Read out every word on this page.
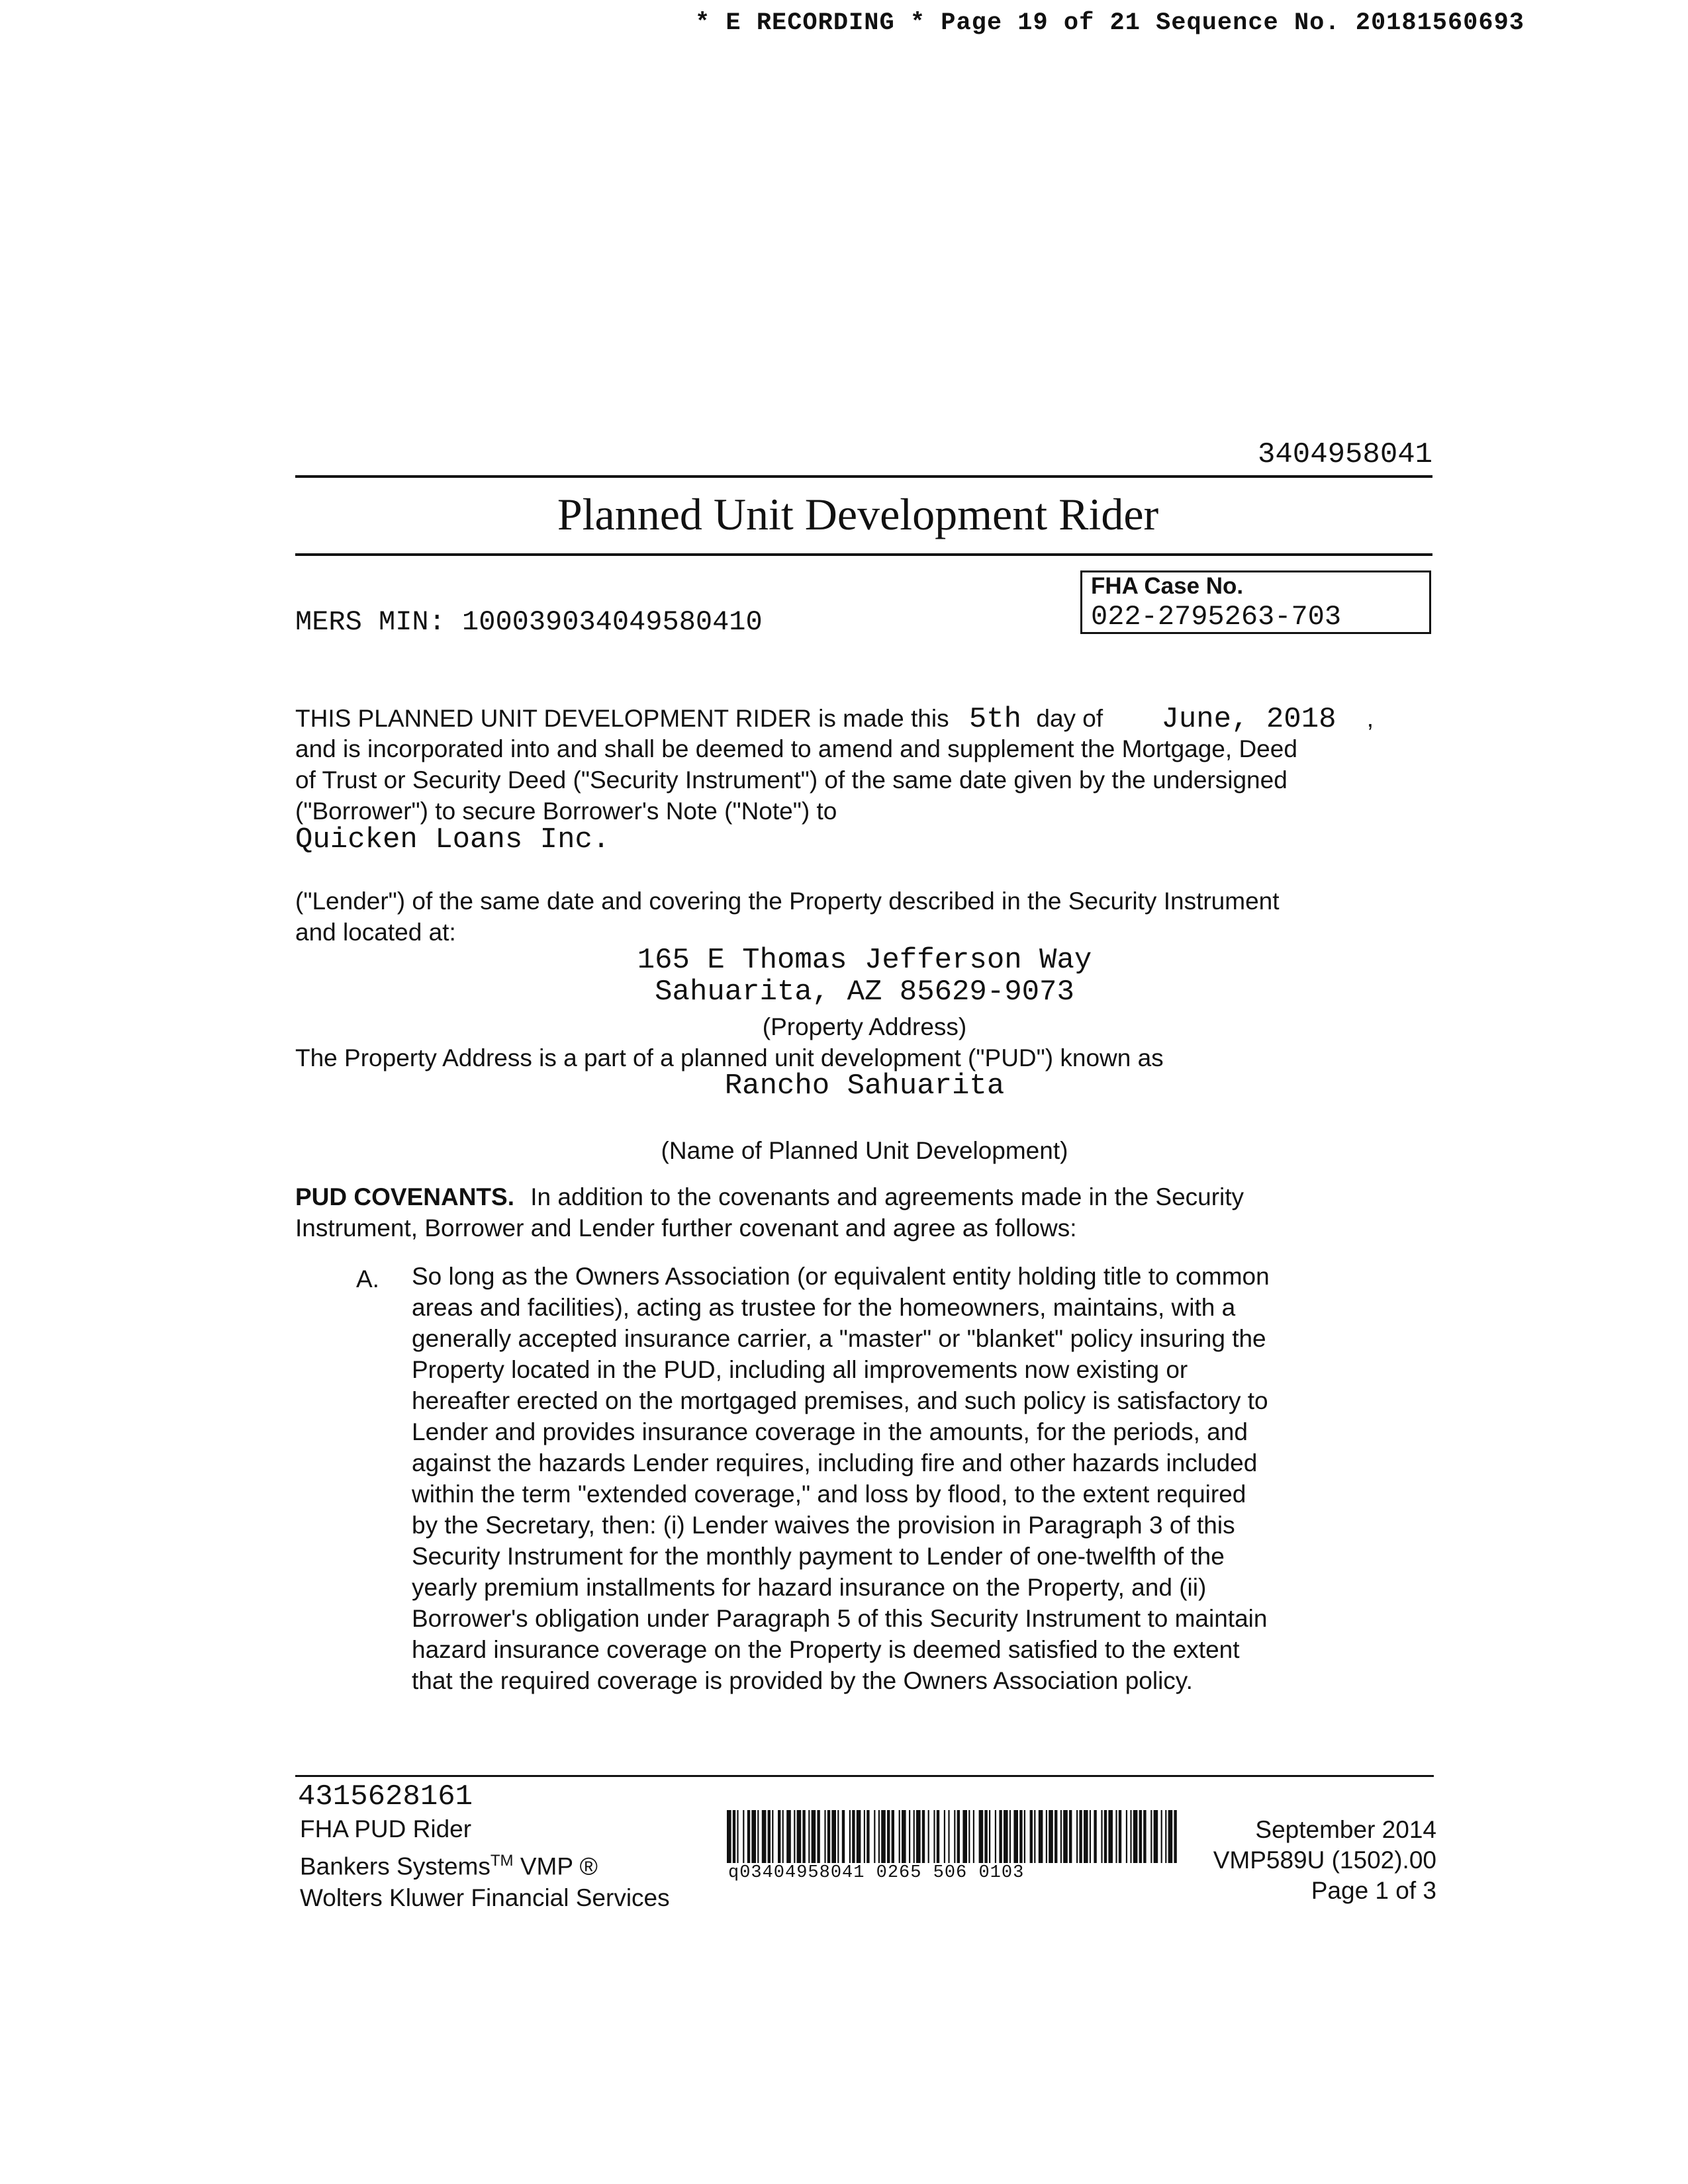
* E RECORDING * Page 19 of 21 Sequence No. 20181560693
3404958041
Planned Unit Development Rider
FHA Case No.
022-2795263-703
MERS MIN: 100039034049580410
THIS PLANNED UNIT DEVELOPMENT RIDER is made this 5th day of June, 2018 ,
and is incorporated into and shall be deemed to amend and supplement the Mortgage, Deed
of Trust or Security Deed ("Security Instrument") of the same date given by the undersigned
("Borrower") to secure Borrower's Note ("Note") to
Quicken Loans Inc.
("Lender") of the same date and covering the Property described in the Security Instrument
and located at:
165 E Thomas Jefferson Way
Sahuarita, AZ 85629-9073
(Property Address)
The Property Address is a part of a planned unit development ("PUD") known as
Rancho Sahuarita
(Name of Planned Unit Development)
PUD COVENANTS. In addition to the covenants and agreements made in the Security
Instrument, Borrower and Lender further covenant and agree as follows:
A. So long as the Owners Association (or equivalent entity holding title to common
areas and facilities), acting as trustee for the homeowners, maintains, with a
generally accepted insurance carrier, a "master" or "blanket" policy insuring the
Property located in the PUD, including all improvements now existing or
hereafter erected on the mortgaged premises, and such policy is satisfactory to
Lender and provides insurance coverage in the amounts, for the periods, and
against the hazards Lender requires, including fire and other hazards included
within the term "extended coverage," and loss by flood, to the extent required
by the Secretary, then: (i) Lender waives the provision in Paragraph 3 of this
Security Instrument for the monthly payment to Lender of one-twelfth of the
yearly premium installments for hazard insurance on the Property, and (ii)
Borrower's obligation under Paragraph 5 of this Security Instrument to maintain
hazard insurance coverage on the Property is deemed satisfied to the extent
that the required coverage is provided by the Owners Association policy.
4315628161
FHA PUD Rider
Bankers Systems™ VMP ®
Wolters Kluwer Financial Services
q03404958041 0265 506 0103
September 2014
VMP589U (1502).00
Page 1 of 3
